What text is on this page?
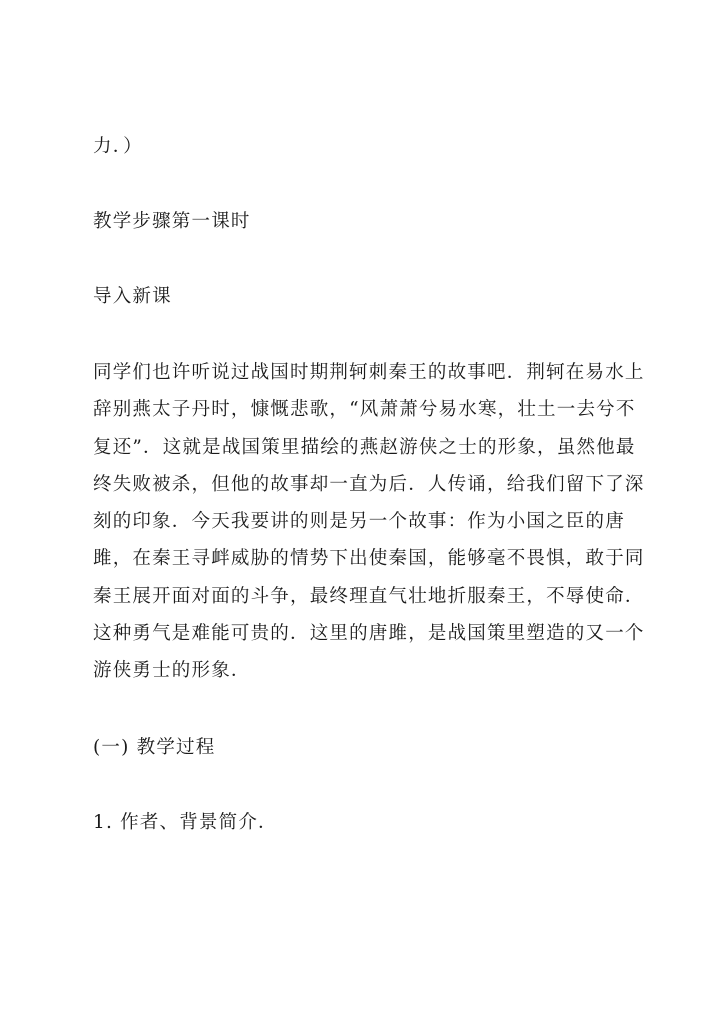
力．）

教学步骤第一课时

导入新课

同学们也许听说过战国时期荆轲刺秦王的故事吧．荆轲在易水上
辞别燕太子丹时，慷慨悲歌，“风萧萧兮易水寒，壮土一去兮不
复还”．这就是战国策里描绘的燕赵游侠之士的形象，虽然他最
终失败被杀，但他的故事却一直为后．人传诵，给我们留下了深
刻的印象．今天我要讲的则是另一个故事：作为小国之臣的唐
雎，在秦王寻衅威胁的情势下出使秦国，能够毫不畏惧，敢于同
秦王展开面对面的斗争，最终理直气壮地折服秦王，不辱使命．
这种勇气是难能可贵的．这里的唐雎，是战国策里塑造的又一个
游侠勇士的形象．

(一) 教学过程

1. 作者、背景简介．
